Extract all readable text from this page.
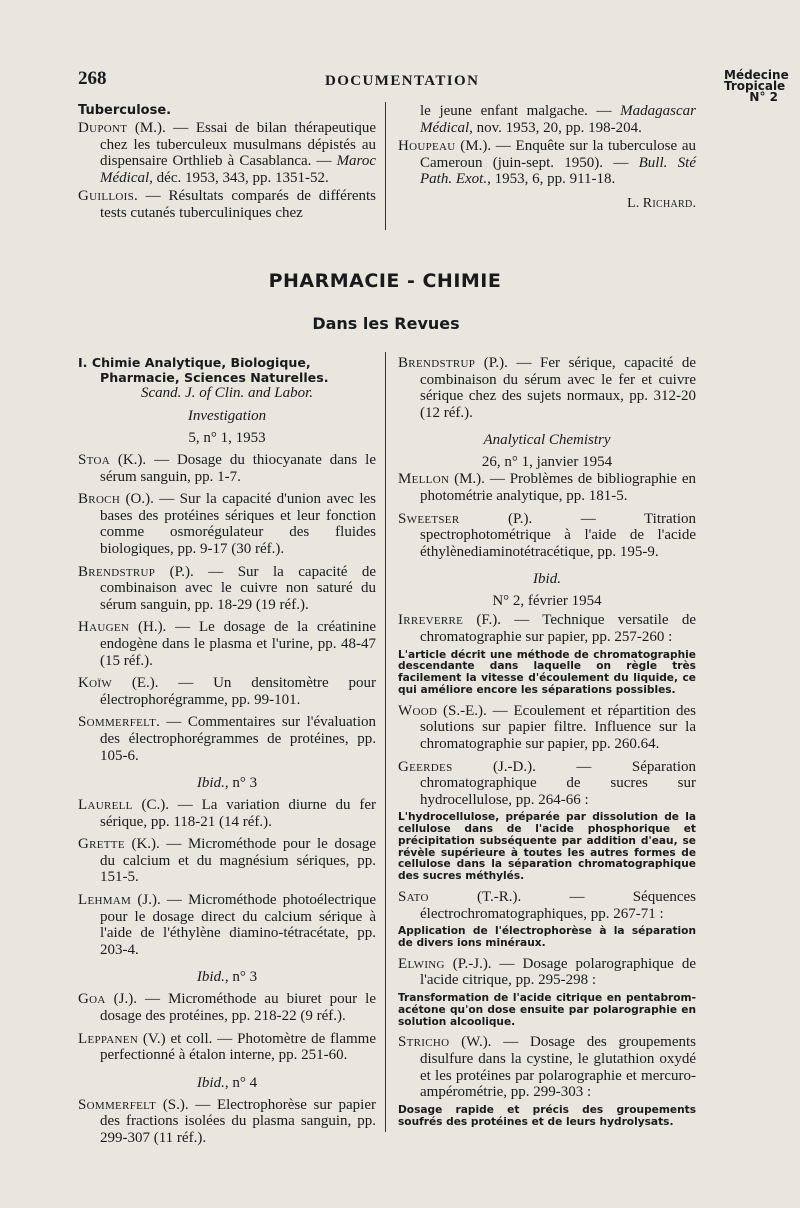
268	DOCUMENTATION	Médecine
Tropicale
N° 2

Tuberculose.

Dupont (M.). — Essai de bilan thérapeutique chez les tuberculeux musulmans dépistés au dispensaire Orthlieb à Casablanca. — Maroc Médical, déc. 1953, 343, pp. 1351-52.

Guillois. — Résultats comparés de différents tests cutanés tuberculiniques chez

le jeune enfant malgache. — Madagascar Médical, nov. 1953, 20, pp. 198-204.

Houpeau (M.). — Enquête sur la tuberculose au Cameroun (juin-sept. 1950). — Bull. Sté Path. Exot., 1953, 6, pp. 911-18.

L. Richard.

PHARMACIE - CHIMIE
Dans les Revues

I. Chimie Analytique, Biologique,

Pharmacie, Sciences Naturelles.

Scand. J. of Clin. and Labor.

Investigation

5, n° 1, 1953

Stoa (K.). — Dosage du thiocyanate dans le sérum sanguin, pp. 1-7.

Broch (O.). — Sur la capacité d'union avec les bases des protéines sériques et leur fonction comme osmorégulateur des fluides biologiques, pp. 9-17 (30 réf.).

Brendstrup (P.). — Sur la capacité de combinaison avec le cuivre non saturé du sérum sanguin, pp. 18-29 (19 réf.).

Haugen (H.). — Le dosage de la créatinine endogène dans le plasma et l'urine, pp. 48-47 (15 réf.).

Koïw (E.). — Un densitomètre pour électrophorégramme, pp. 99-101.

Sommerfelt. — Commentaires sur l'évaluation des électrophorégrammes de protéines, pp. 105-6.

Ibid., n° 3

Laurell (C.). — La variation diurne du fer sérique, pp. 118-21 (14 réf.).

Grette (K.). — Microméthode pour le dosage du calcium et du magnésium sériques, pp. 151-5.

Lehmam (J.). — Microméthode photoélectrique pour le dosage direct du calcium sérique à l'aide de l'éthylène diamino-tétracétate, pp. 203-4.

Ibid., n° 3

Goa (J.). — Microméthode au biuret pour le dosage des protéines, pp. 218-22 (9 réf.).

Leppanen (V.) et coll. — Photomètre de flamme perfectionné à étalon interne, pp. 251-60.

Ibid., n° 4

Sommerfelt (S.). — Electrophorèse sur papier des fractions isolées du plasma sanguin, pp. 299-307 (11 réf.).

Brendstrup (P.). — Fer sérique, capacité de combinaison du sérum avec le fer et cuivre sérique chez des sujets normaux, pp. 312-20 (12 réf.).

Analytical Chemistry

26, n° 1, janvier 1954

Mellon (M.). — Problèmes de bibliographie en photométrie analytique, pp. 181-5.

Sweetser (P.). — Titration spectrophotométrique à l'aide de l'acide éthylènediaminotétracétique, pp. 195-9.

Ibid.

N° 2, février 1954

Irreverre (F.). — Technique versatile de chromatographie sur papier, pp. 257-260 :

L'article décrit une méthode de chromatographie descendante dans laquelle on règle très facilement la vitesse d'écoulement du liquide, ce qui améliore encore les séparations possibles.

Wood (S.-E.). — Ecoulement et répartition des solutions sur papier filtre. Influence sur la chromatographie sur papier, pp. 260.64.

Geerdes (J.-D.). — Séparation chromatographique de sucres sur hydrocellulose, pp. 264-66 :

L'hydrocellulose, préparée par dissolution de la cellulose dans de l'acide phosphorique et précipitation subséquente par addition d'eau, se révèle supérieure à toutes les autres formes de cellulose dans la séparation chromatographique des sucres méthylés.

Sato (T.-R.). — Séquences électrochromatographiques, pp. 267-71 :

Application de l'électrophorèse à la séparation de divers ions minéraux.

Elwing (P.-J.). — Dosage polarographique de l'acide citrique, pp. 295-298 :

Transformation de l'acide citrique en pentabrom-acétone qu'on dose ensuite par polarographie en solution alcoolique.

Stricho (W.). — Dosage des groupements disulfure dans la cystine, le glutathion oxydé et les protéines par polarographie et mercuro-ampérométrie, pp. 299-303 :

Dosage rapide et précis des groupements soufrés des protéines et de leurs hydrolysats.
